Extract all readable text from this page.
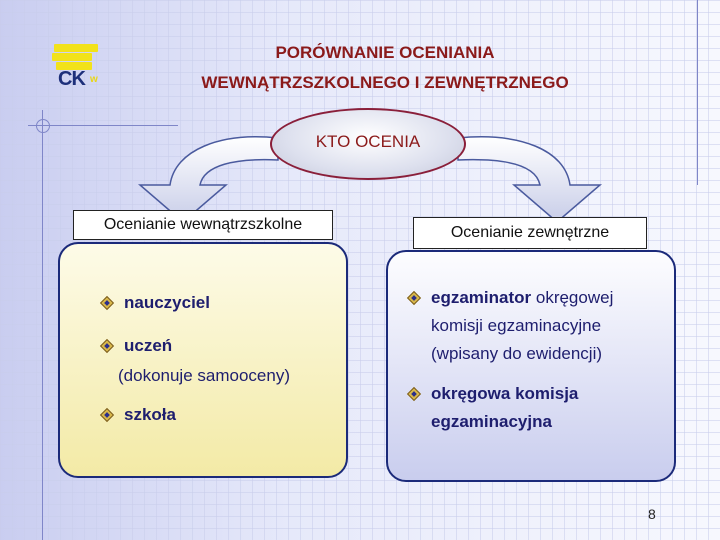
CK w
PORÓWNANIE OCENIANIA
WEWNĄTRZSZKOLNEGO I ZEWNĘTRZNEGO
KTO OCENIA
Ocenianie wewnątrzszkolne	Ocenianie zewnętrzne
nauczyciel
uczeń
(dokonuje samooceny)
szkoła
egzaminator okręgowej
komisji egzaminacyjne
(wpisany do ewidencji)
okręgowa komisja
egzaminacyjna
8
